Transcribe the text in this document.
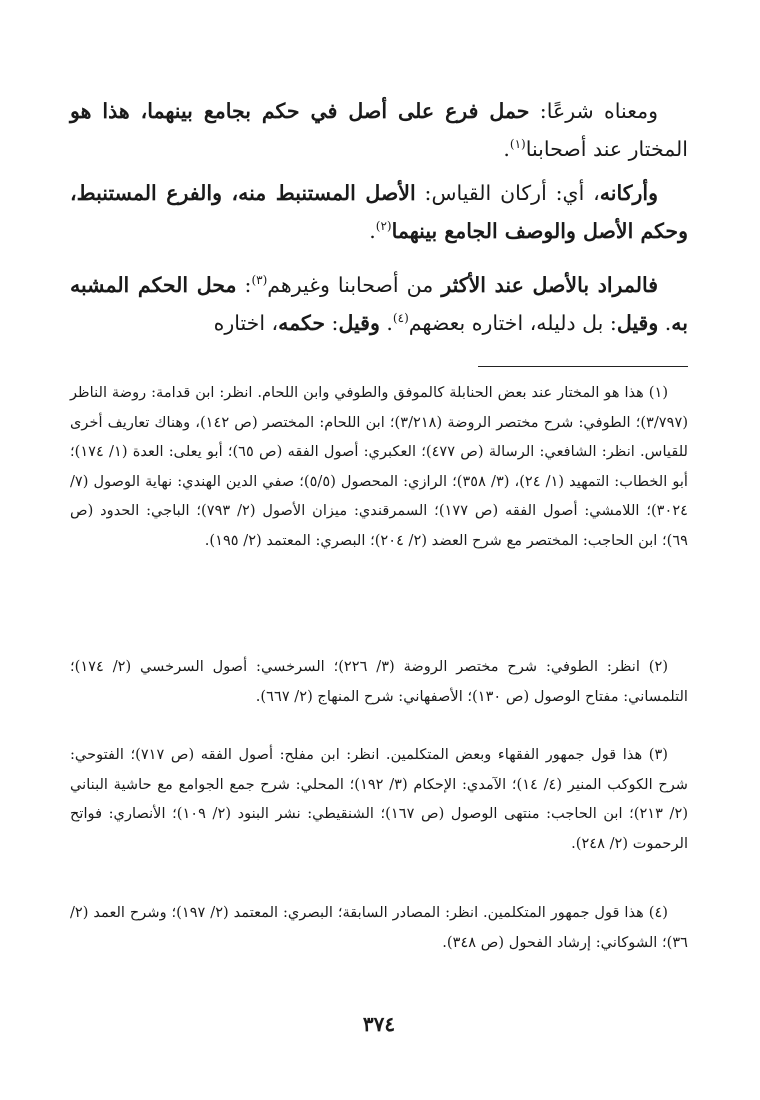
ومعناه شرعًا: حمل فرع على أصل في حكم بجامع بينهما، هذا هو المختار عند أصحابنا$^{(١)}$.

وأركانه، أي: أركان القياس: الأصل المستنبط منه، والفرع المستنبط، وحكم الأصل والوصف الجامع بينهما$^{(٢)}$.

فالمراد بالأصل عند الأكثر من أصحابنا وغيرهم$^{(٣)}$: محل الحكم المشبه به. وقيل: بل دليله، اختاره بعضهم$^{(٤)}$. وقيل: حكمه، اختاره

(١) هذا هو المختار عند بعض الحنابلة كالموفق والطوفي وابن اللحام. انظر: ابن قدامة: روضة الناظر (٣/٧٩٧)؛ الطوفي: شرح مختصر الروضة (٣/٢١٨)؛ ابن اللحام: المختصر (ص ١٤٢)، وهناك تعاريف أخرى للقياس. انظر: الشافعي: الرسالة (ص ٤٧٧)؛ العكبري: أصول الفقه (ص ٦٥)؛ أبو يعلى: العدة (١/ ١٧٤)؛ أبو الخطاب: التمهيد (١/ ٢٤)، (٣/ ٣٥٨)؛ الرازي: المحصول (٥/٥)؛ صفي الدين الهندي: نهاية الوصول (٧/ ٣٠٢٤)؛ اللامشي: أصول الفقه (ص ١٧٧)؛ السمرقندي: ميزان الأصول (٢/ ٧٩٣)؛ الباجي: الحدود (ص ٦٩)؛ ابن الحاجب: المختصر مع شرح العضد (٢/ ٢٠٤)؛ البصري: المعتمد (٢/ ١٩٥).

(٢) انظر: الطوفي: شرح مختصر الروضة (٣/ ٢٢٦)؛ السرخسي: أصول السرخسي (٢/ ١٧٤)؛ التلمساني: مفتاح الوصول (ص ١٣٠)؛ الأصفهاني: شرح المنهاج (٢/ ٦٦٧).

(٣) هذا قول جمهور الفقهاء وبعض المتكلمين. انظر: ابن مفلح: أصول الفقه (ص ٧١٧)؛ الفتوحي: شرح الكوكب المنير (٤/ ١٤)؛ الآمدي: الإحكام (٣/ ١٩٢)؛ المحلي: شرح جمع الجوامع مع حاشية البناني (٢/ ٢١٣)؛ ابن الحاجب: منتهى الوصول (ص ١٦٧)؛ الشنقيطي: نشر البنود (٢/ ١٠٩)؛ الأنصاري: فواتح الرحموت (٢/ ٢٤٨).

(٤) هذا قول جمهور المتكلمين. انظر: المصادر السابقة؛ البصري: المعتمد (٢/ ١٩٧)؛ وشرح العمد (٢/ ٣٦)؛ الشوكاني: إرشاد الفحول (ص ٣٤٨).

٣٧٤
